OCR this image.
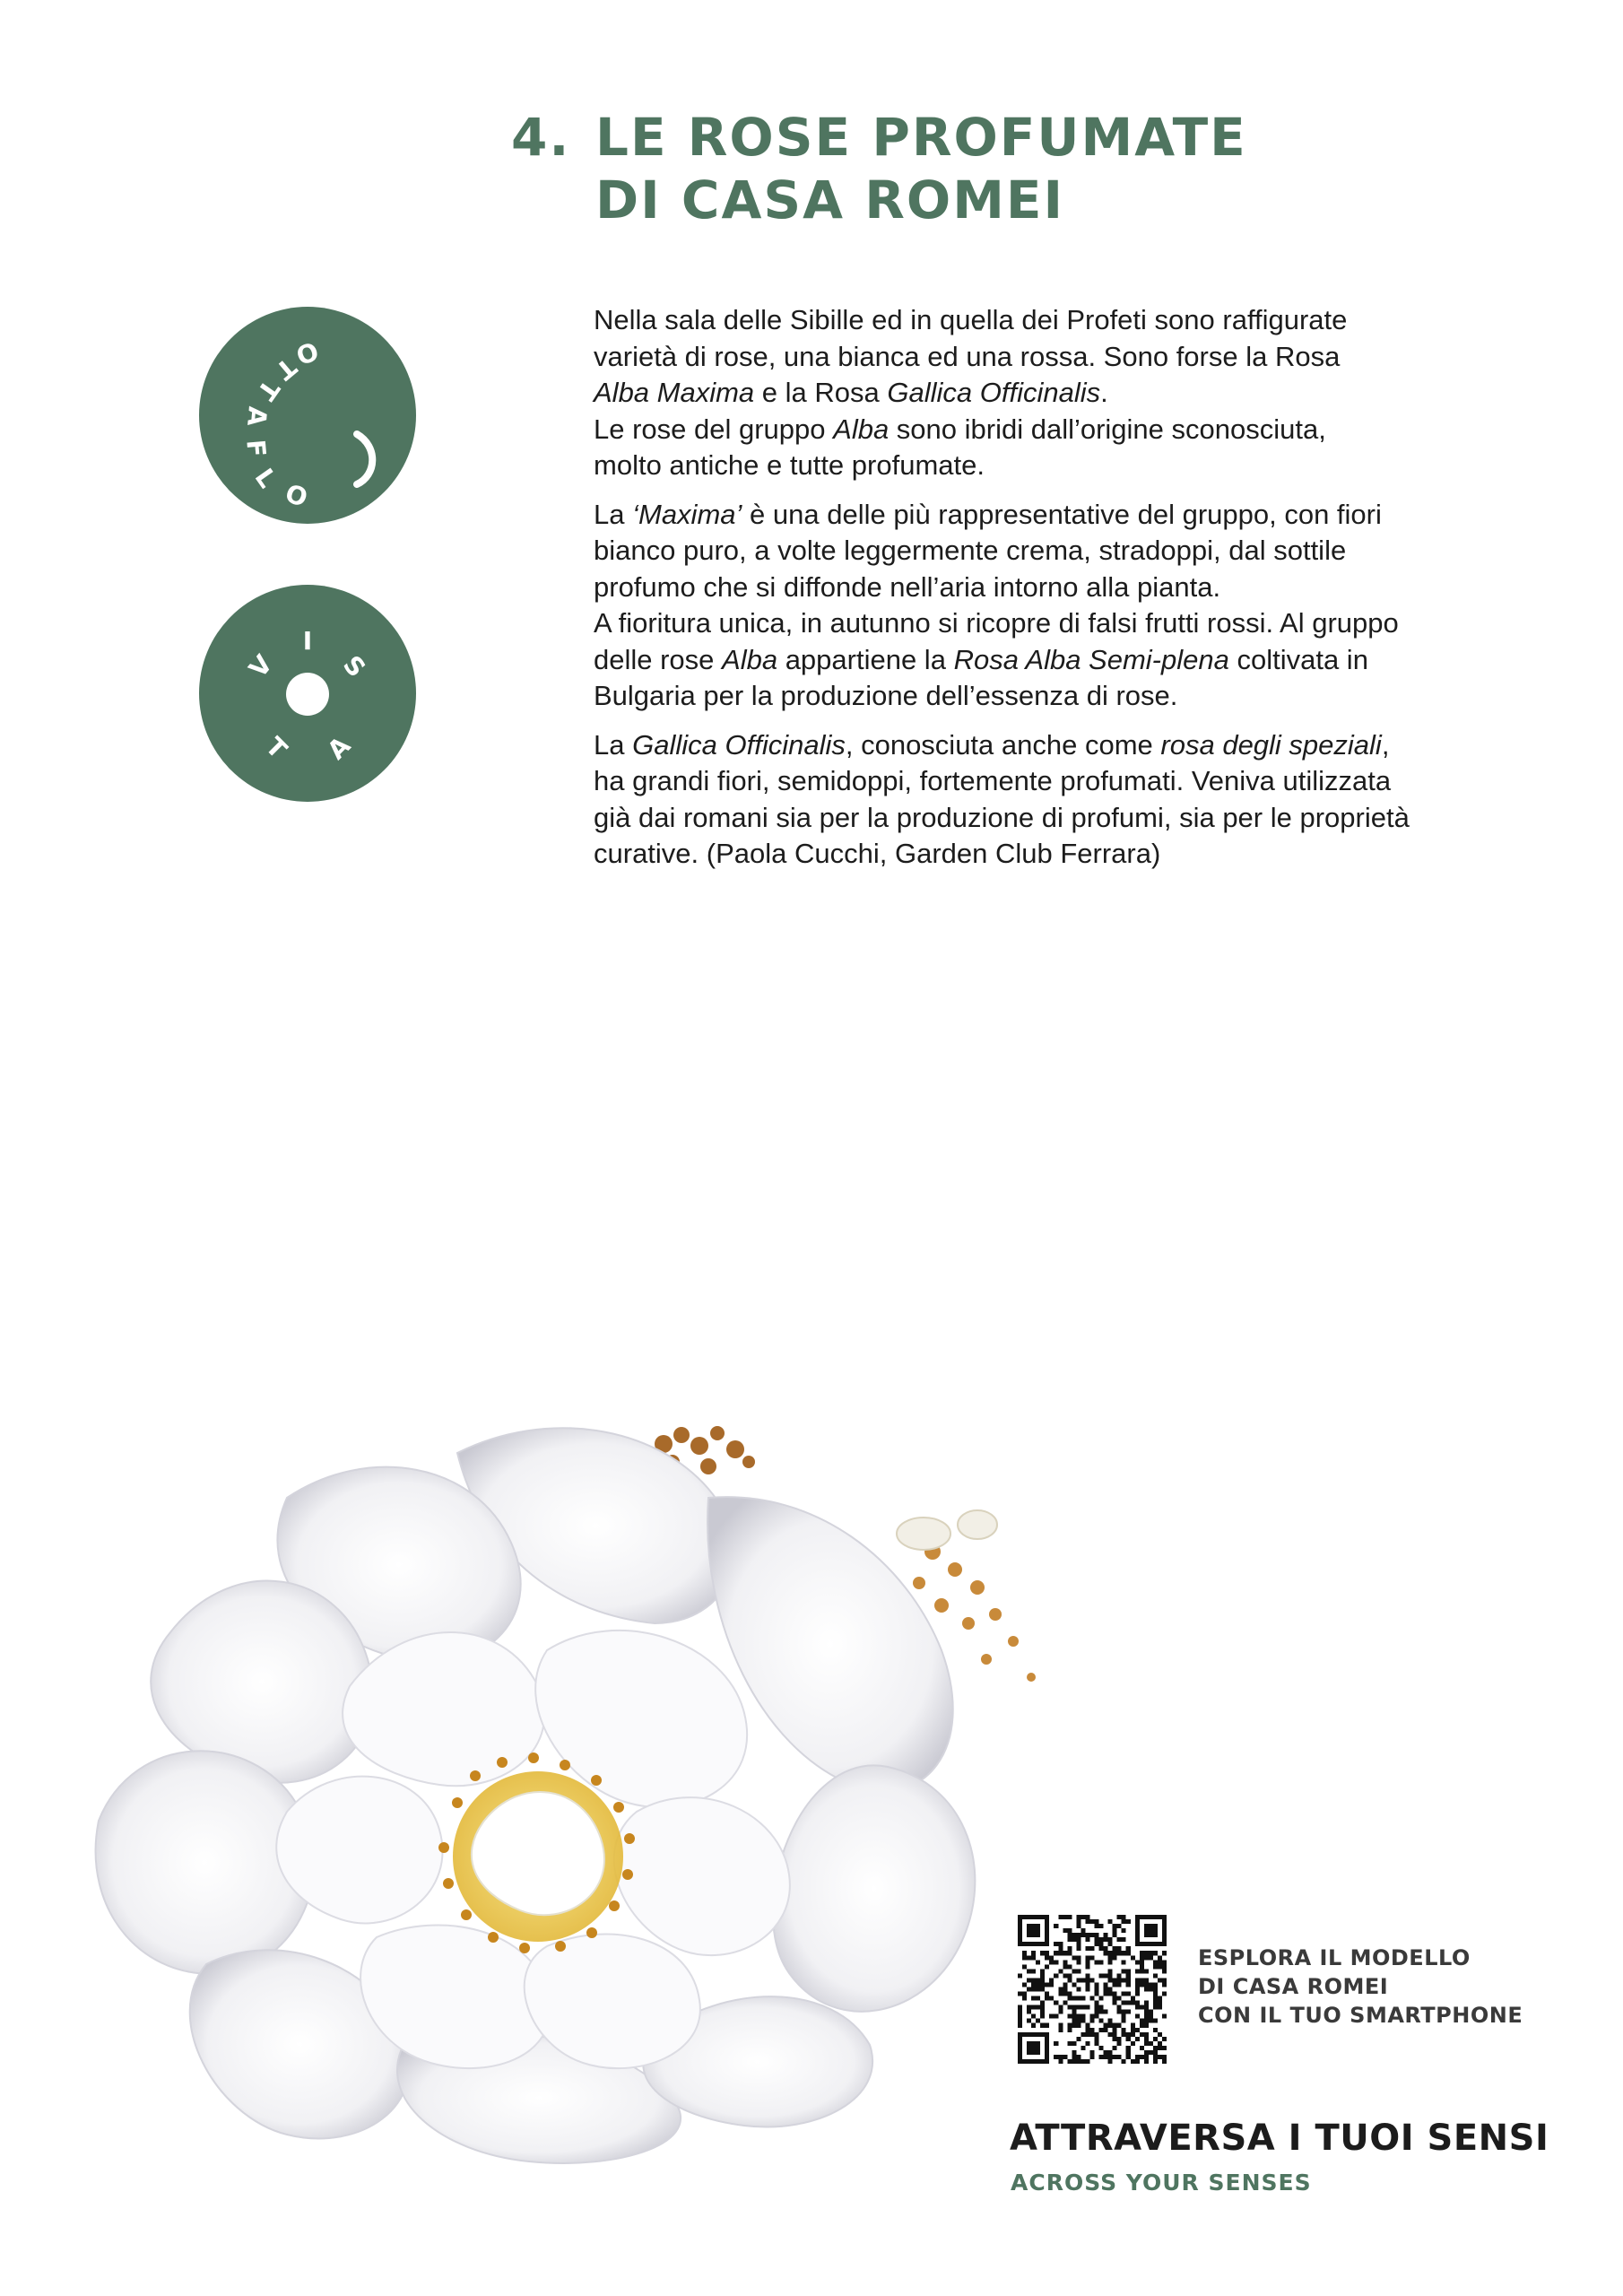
4. LE ROSE PROFUMATE
DI CASA ROMEI
O
L
F
A
T
T
O
V
I
S
T A

Nella sala delle Sibille ed in quella dei Profeti sono raffigurate
varietà di rose, una bianca ed una rossa. Sono forse la Rosa
Alba Maxima e la Rosa Gallica Officinalis.
Le rose del gruppo Alba sono ibridi dall’origine sconosciuta,
molto antiche e tutte profumate.

La ‘Maxima’ è una delle più rappresentative del gruppo, con fiori
bianco puro, a volte leggermente crema, stradoppi, dal sottile
profumo che si diffonde nell’aria intorno alla pianta.
A fioritura unica, in autunno si ricopre di falsi frutti rossi. Al gruppo
delle rose Alba appartiene la Rosa Alba Semi-plena coltivata in
Bulgaria per la produzione dell’essenza di rose.

La Gallica Officinalis, conosciuta anche come rosa degli speziali,
ha grandi fiori, semidoppi, fortemente profumati. Veniva utilizzata
già dai romani sia per la produzione di profumi, sia per le proprietà
curative. (Paola Cucchi, Garden Club Ferrara)

ESPLORA IL MODELLO
DI CASA ROMEI
CON IL TUO SMARTPHONE
ATTRAVERSA I TUOI SENSI
ACROSS YOUR SENSES
